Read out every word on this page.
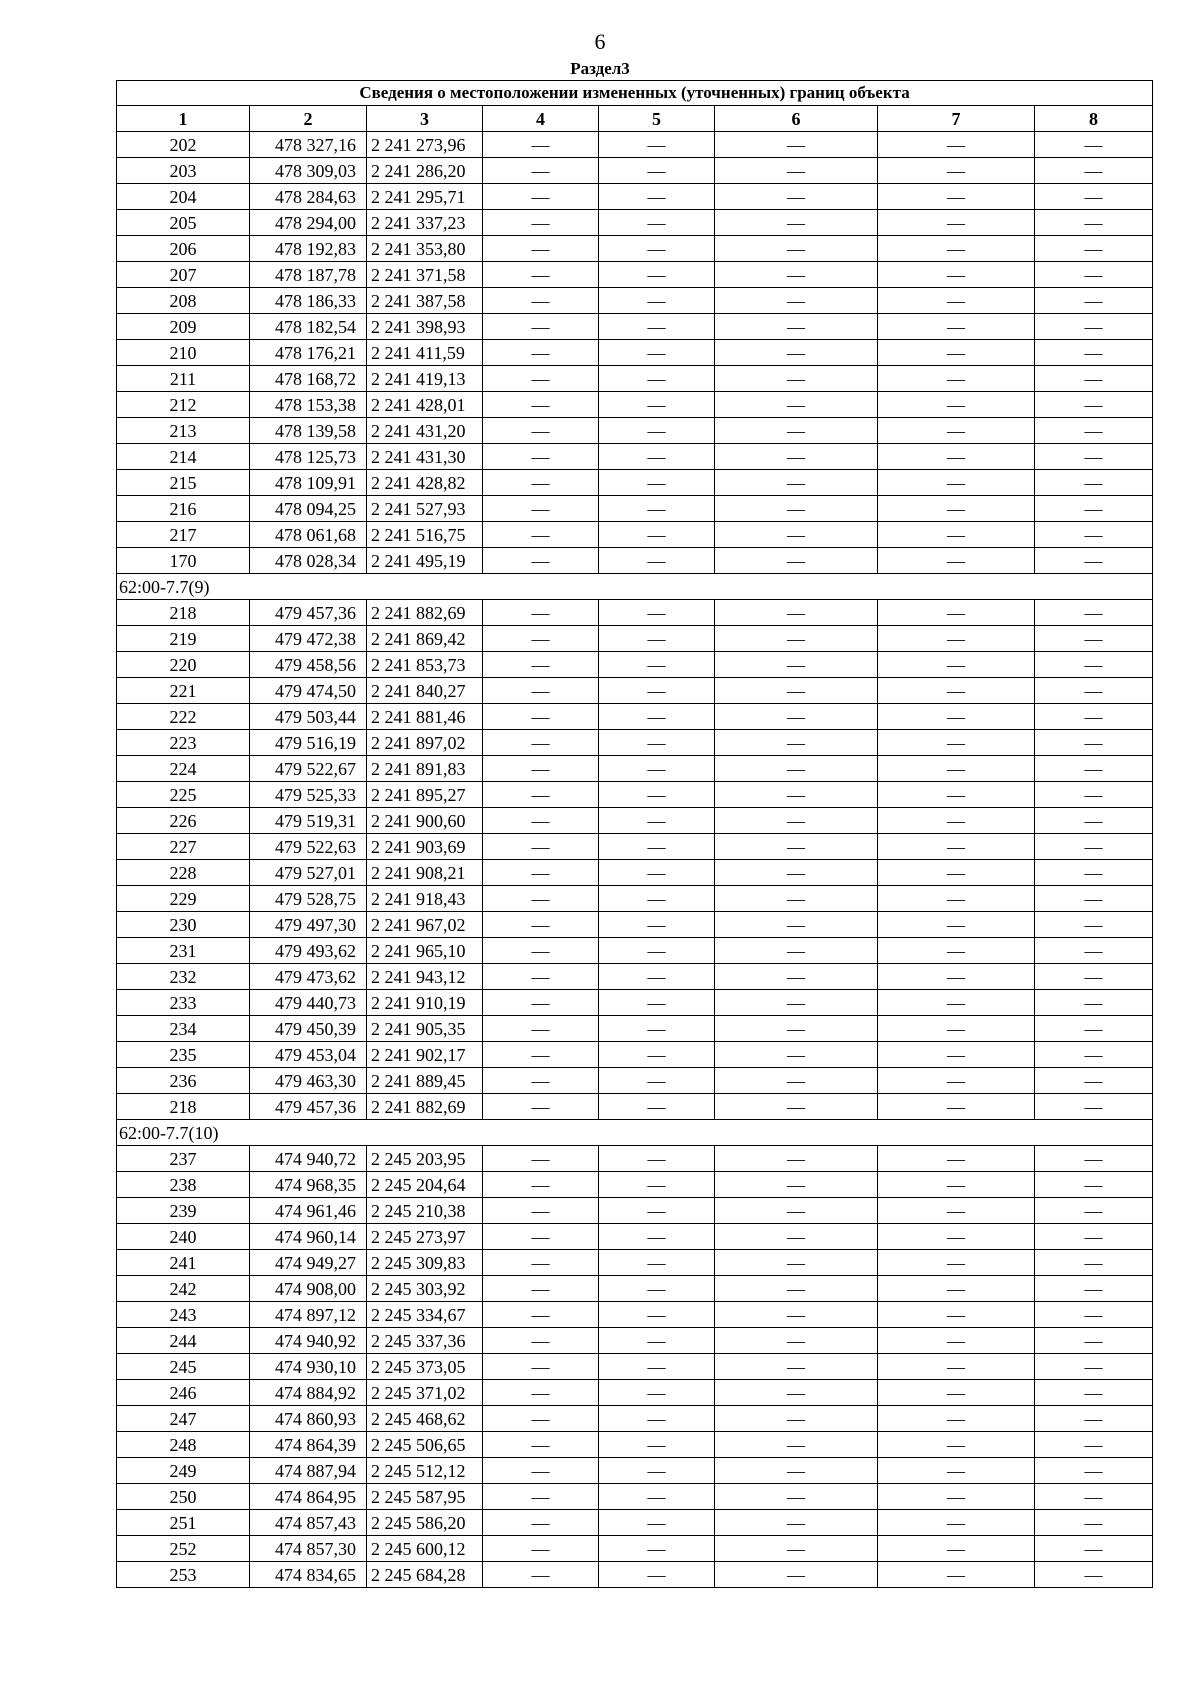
6
Раздел3
Сведения о местоположении измененных (уточненных) границ объекта							
1	2	3	4	5	6	7	8
202	478 327,16	2 241 273,96	—	—	—	—	—
203	478 309,03	2 241 286,20	—	—	—	—	—
204	478 284,63	2 241 295,71	—	—	—	—	—
205	478 294,00	2 241 337,23	—	—	—	—	—
206	478 192,83	2 241 353,80	—	—	—	—	—
207	478 187,78	2 241 371,58	—	—	—	—	—
208	478 186,33	2 241 387,58	—	—	—	—	—
209	478 182,54	2 241 398,93	—	—	—	—	—
210	478 176,21	2 241 411,59	—	—	—	—	—
211	478 168,72	2 241 419,13	—	—	—	—	—
212	478 153,38	2 241 428,01	—	—	—	—	—
213	478 139,58	2 241 431,20	—	—	—	—	—
214	478 125,73	2 241 431,30	—	—	—	—	—
215	478 109,91	2 241 428,82	—	—	—	—	—
216	478 094,25	2 241 527,93	—	—	—	—	—
217	478 061,68	2 241 516,75	—	—	—	—	—
170	478 028,34	2 241 495,19	—	—	—	—	—
62:00-7.7(9)							
218	479 457,36	2 241 882,69	—	—	—	—	—
219	479 472,38	2 241 869,42	—	—	—	—	—
220	479 458,56	2 241 853,73	—	—	—	—	—
221	479 474,50	2 241 840,27	—	—	—	—	—
222	479 503,44	2 241 881,46	—	—	—	—	—
223	479 516,19	2 241 897,02	—	—	—	—	—
224	479 522,67	2 241 891,83	—	—	—	—	—
225	479 525,33	2 241 895,27	—	—	—	—	—
226	479 519,31	2 241 900,60	—	—	—	—	—
227	479 522,63	2 241 903,69	—	—	—	—	—
228	479 527,01	2 241 908,21	—	—	—	—	—
229	479 528,75	2 241 918,43	—	—	—	—	—
230	479 497,30	2 241 967,02	—	—	—	—	—
231	479 493,62	2 241 965,10	—	—	—	—	—
232	479 473,62	2 241 943,12	—	—	—	—	—
233	479 440,73	2 241 910,19	—	—	—	—	—
234	479 450,39	2 241 905,35	—	—	—	—	—
235	479 453,04	2 241 902,17	—	—	—	—	—
236	479 463,30	2 241 889,45	—	—	—	—	—
218	479 457,36	2 241 882,69	—	—	—	—	—
62:00-7.7(10)							
237	474 940,72	2 245 203,95	—	—	—	—	—
238	474 968,35	2 245 204,64	—	—	—	—	—
239	474 961,46	2 245 210,38	—	—	—	—	—
240	474 960,14	2 245 273,97	—	—	—	—	—
241	474 949,27	2 245 309,83	—	—	—	—	—
242	474 908,00	2 245 303,92	—	—	—	—	—
243	474 897,12	2 245 334,67	—	—	—	—	—
244	474 940,92	2 245 337,36	—	—	—	—	—
245	474 930,10	2 245 373,05	—	—	—	—	—
246	474 884,92	2 245 371,02	—	—	—	—	—
247	474 860,93	2 245 468,62	—	—	—	—	—
248	474 864,39	2 245 506,65	—	—	—	—	—
249	474 887,94	2 245 512,12	—	—	—	—	—
250	474 864,95	2 245 587,95	—	—	—	—	—
251	474 857,43	2 245 586,20	—	—	—	—	—
252	474 857,30	2 245 600,12	—	—	—	—	—
253	474 834,65	2 245 684,28	—	—	—	—	—
